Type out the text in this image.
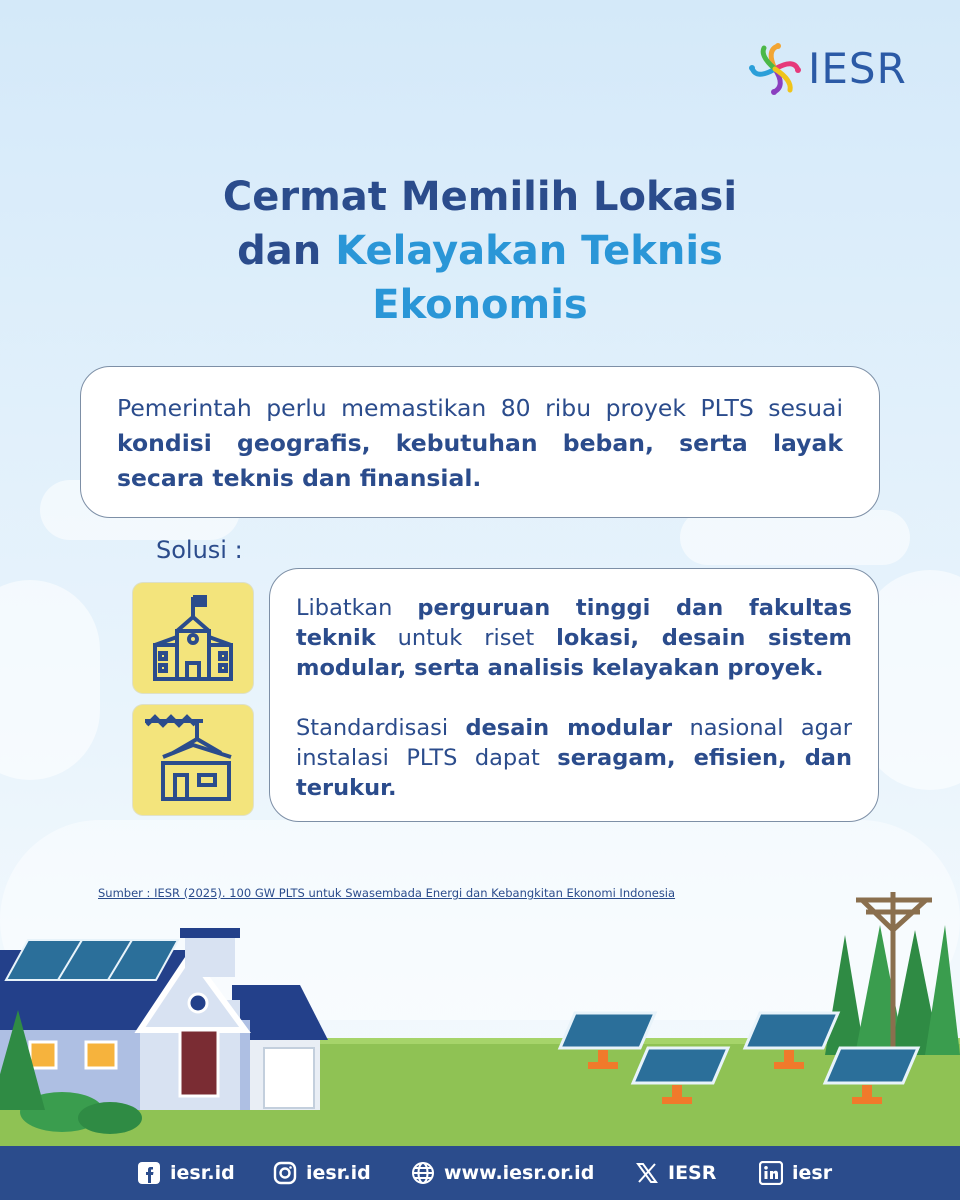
IESR
Cermat Memilih Lokasi
dan Kelayakan Teknis
Ekonomis
Pemerintah perlu memastikan 80 ribu proyek PLTS sesuai kondisi geografis, kebutuhan beban, serta layak secara teknis dan finansial.
Solusi :
Libatkan perguruan tinggi dan fakultas teknik untuk riset lokasi, desain sistem modular, serta analisis kelayakan proyek.
Standardisasi desain modular nasional agar instalasi PLTS dapat seragam, efisien, dan terukur.
Sumber : IESR (2025). 100 GW PLTS untuk Swasembada Energi dan Kebangkitan Ekonomi Indonesia
iesr.id	iesr.id	www.iesr.or.id	IESR	iesr
